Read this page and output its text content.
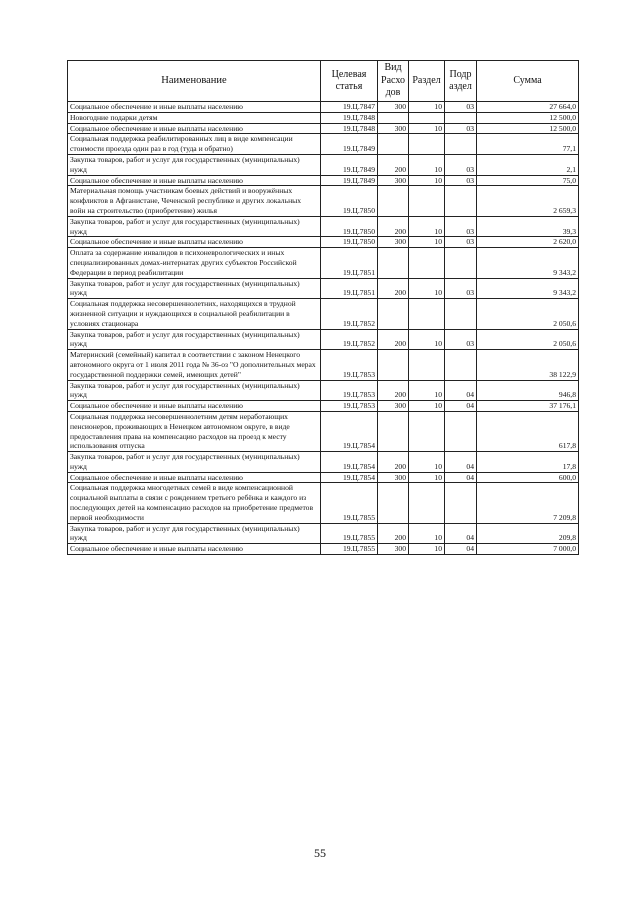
Наименование	Целевая статья	Вид Расхо дов	Раздел	Подр аздел	Сумма
Социальное обеспечение и иные выплаты населению	19.Ц.7847	300	10	03	27 664,0
Новогодние подарки детям	19.Ц.7848				12 500,0
Социальное обеспечение и иные выплаты населению	19.Ц.7848	300	10	03	12 500,0
Социальная поддержка реабилитированных лиц в виде компенсации стоимости проезда один раз в год (туда и обратно)	19.Ц.7849				77,1
Закупка товаров, работ и услуг для государственных (муниципальных) нужд	19.Ц.7849	200	10	03	2,1
Социальное обеспечение и иные выплаты населению	19.Ц.7849	300	10	03	75,0
Материальная помощь участникам боевых действий и вооружённых конфликтов в Афганистане, Чеченской республике и других локальных войн на строительство (приобретение) жилья	19.Ц.7850				2 659,3
Закупка товаров, работ и услуг для государственных (муниципальных) нужд	19.Ц.7850	200	10	03	39,3
Социальное обеспечение и иные выплаты населению	19.Ц.7850	300	10	03	2 620,0
Оплата за содержание инвалидов в психоневрологических и иных специализированных домах-интернатах других субъектов Российской Федерации в период реабилитации	19.Ц.7851				9 343,2
Закупка товаров, работ и услуг для государственных (муниципальных) нужд	19.Ц.7851	200	10	03	9 343,2
Социальная поддержка несовершеннолетних, находящихся в трудной жизненной ситуации и нуждающихся в социальной реабилитации в условиях стационара	19.Ц.7852				2 050,6
Закупка товаров, работ и услуг для государственных (муниципальных) нужд	19.Ц.7852	200	10	03	2 050,6
Материнский (семейный) капитал в соответствии с законом Ненецкого автономного округа от 1 июля 2011 года № 36-оз "О дополнительных мерах государственной поддержки семей, имеющих детей"	19.Ц.7853				38 122,9
Закупка товаров, работ и услуг для государственных (муниципальных) нужд	19.Ц.7853	200	10	04	946,8
Социальное обеспечение и иные выплаты населению	19.Ц.7853	300	10	04	37 176,1
Социальная поддержка несовершеннолетним детям неработающих пенсионеров, проживающих в Ненецком автономном округе, в виде предоставления права на компенсацию расходов на проезд к месту использования отпуска	19.Ц.7854				617,8
Закупка товаров, работ и услуг для государственных (муниципальных) нужд	19.Ц.7854	200	10	04	17,8
Социальное обеспечение и иные выплаты населению	19.Ц.7854	300	10	04	600,0
Социальная поддержка многодетных семей в виде компенсационной социальной выплаты в связи с рождением третьего ребёнка и каждого из последующих детей на компенсацию расходов на приобретение предметов первой необходимости	19.Ц.7855				7 209,8
Закупка товаров, работ и услуг для государственных (муниципальных) нужд	19.Ц.7855	200	10	04	209,8
Социальное обеспечение и иные выплаты населению	19.Ц.7855	300	10	04	7 000,0
55
